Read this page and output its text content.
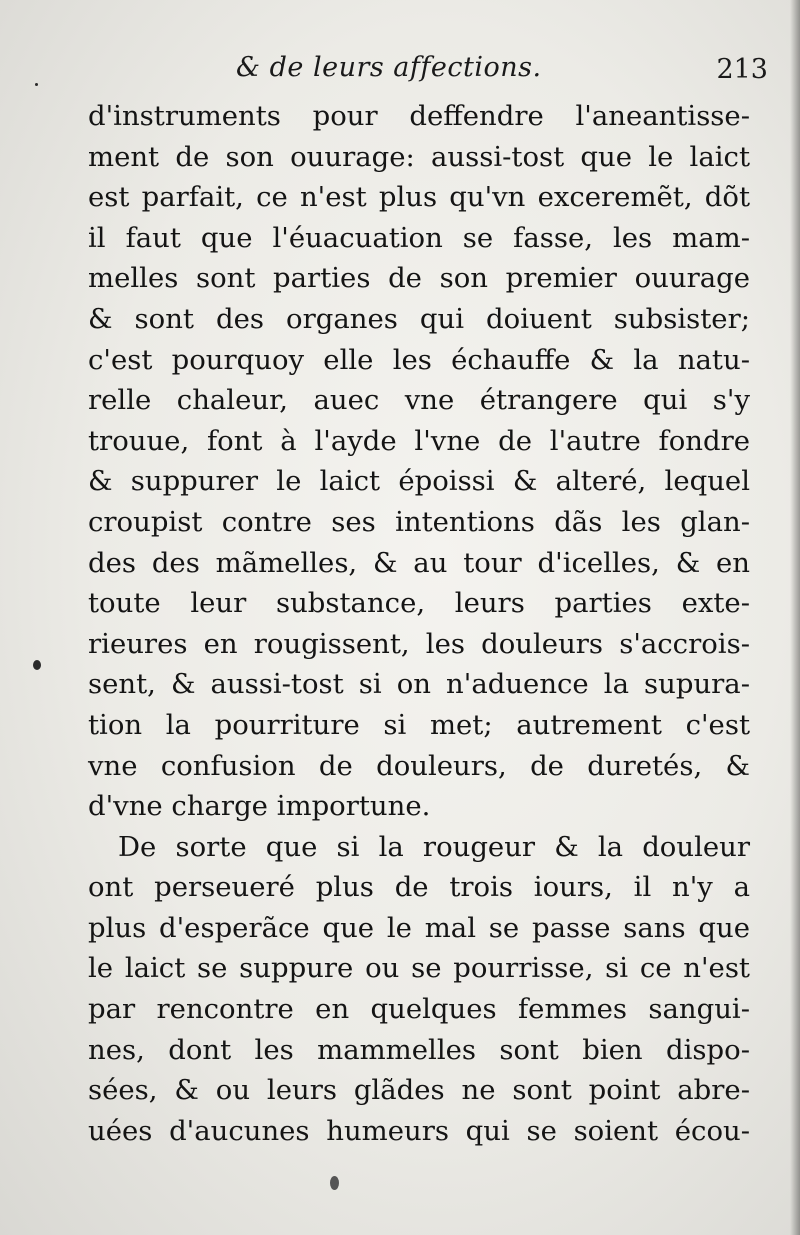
& de leurs affections.	213
d'instruments pour deffendre l'aneantisse-
ment de son ouurage: aussi-tost que le laict
est parfait, ce n'est plus qu'vn exceremẽt, dõt
il faut que l'éuacuation se fasse, les mam-
melles sont parties de son premier ouurage
& sont des organes qui doiuent subsister;
c'est pourquoy elle les échauffe & la natu-
relle chaleur, auec vne étrangere qui s'y
trouue, font à l'ayde l'vne de l'autre fondre
& suppurer le laict époissi & alteré, lequel
croupist contre ses intentions dãs les glan-
des des mãmelles, & au tour d'icelles, & en
toute leur substance, leurs parties exte-
rieures en rougissent, les douleurs s'accrois-
sent, & aussi-tost si on n'aduence la supura-
tion la pourriture si met; autrement c'est
vne confusion de douleurs, de duretés, &
d'vne charge importune.
De sorte que si la rougeur & la douleur
ont perseueré plus de trois iours, il n'y a
plus d'esperãce que le mal se passe sans que
le laict se suppure ou se pourrisse, si ce n'est
par rencontre en quelques femmes sangui-
nes, dont les mammelles sont bien dispo-
sées, & ou leurs glãdes ne sont point abre-
uées d'aucunes humeurs qui se soient écou-
